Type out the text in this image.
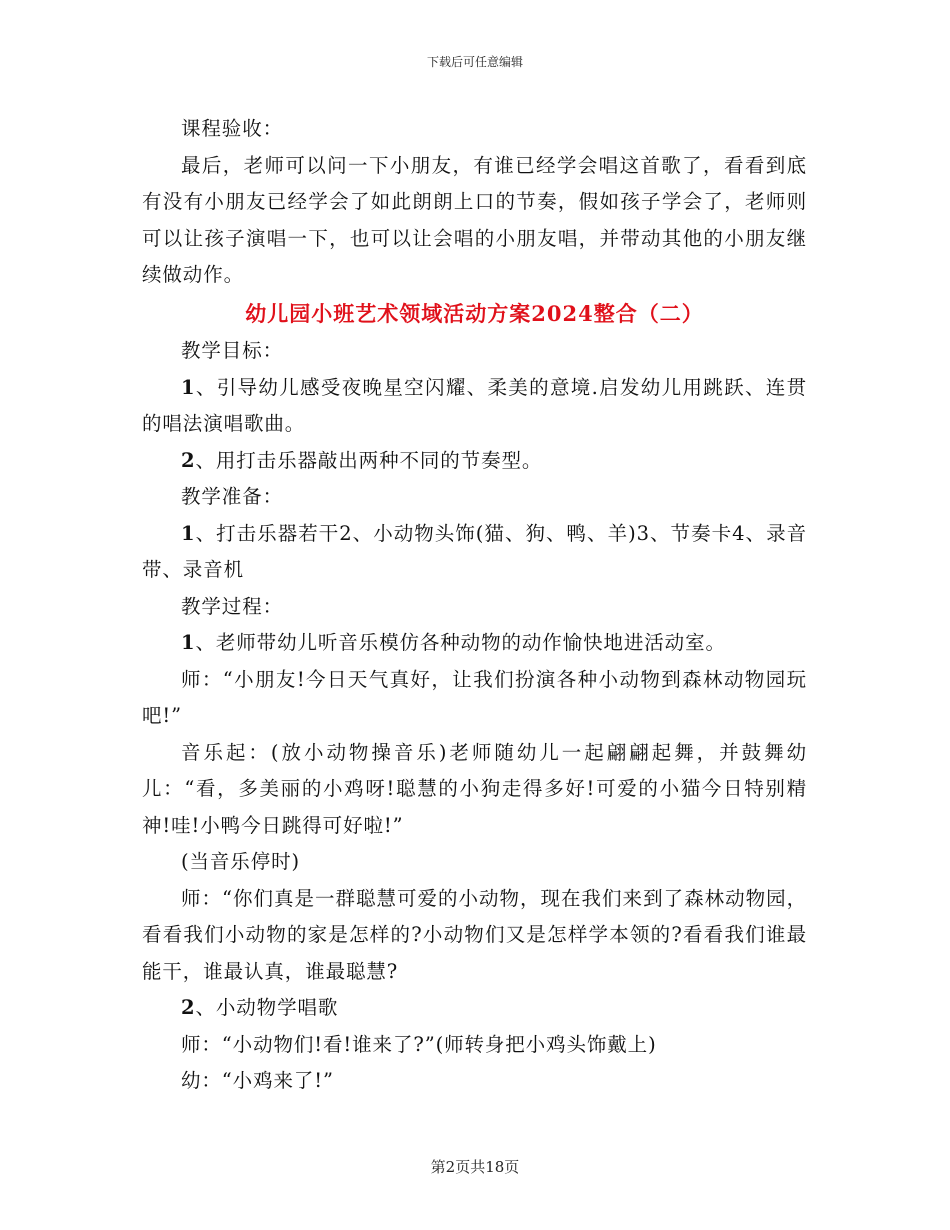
下载后可任意编辑

课程验收：

最后，老师可以问一下小朋友，有谁已经学会唱这首歌了，看看到底有没有小朋友已经学会了如此朗朗上口的节奏，假如孩子学会了，老师则可以让孩子演唱一下，也可以让会唱的小朋友唱，并带动其他的小朋友继续做动作。

幼儿园小班艺术领域活动方案2024整合（二）

教学目标：

1、引导幼儿感受夜晚星空闪耀、柔美的意境.启发幼儿用跳跃、连贯的唱法演唱歌曲。

2、用打击乐器敲出两种不同的节奏型。

教学准备：

1、打击乐器若干2、小动物头饰(猫、狗、鸭、羊)3、节奏卡4、录音带、录音机

教学过程：

1、老师带幼儿听音乐模仿各种动物的动作愉快地进活动室。

师：“小朋友!今日天气真好，让我们扮演各种小动物到森林动物园玩吧!”

音乐起：(放小动物操音乐)老师随幼儿一起翩翩起舞，并鼓舞幼儿：“看，多美丽的小鸡呀!聪慧的小狗走得多好!可爱的小猫今日特别精神!哇!小鸭今日跳得可好啦!”

(当音乐停时)

师：“你们真是一群聪慧可爱的小动物，现在我们来到了森林动物园，看看我们小动物的家是怎样的?小动物们又是怎样学本领的?看看我们谁最能干，谁最认真，谁最聪慧?

2、小动物学唱歌

师：“小动物们!看!谁来了?”(师转身把小鸡头饰戴上)

幼：“小鸡来了!”

第2页共18页
